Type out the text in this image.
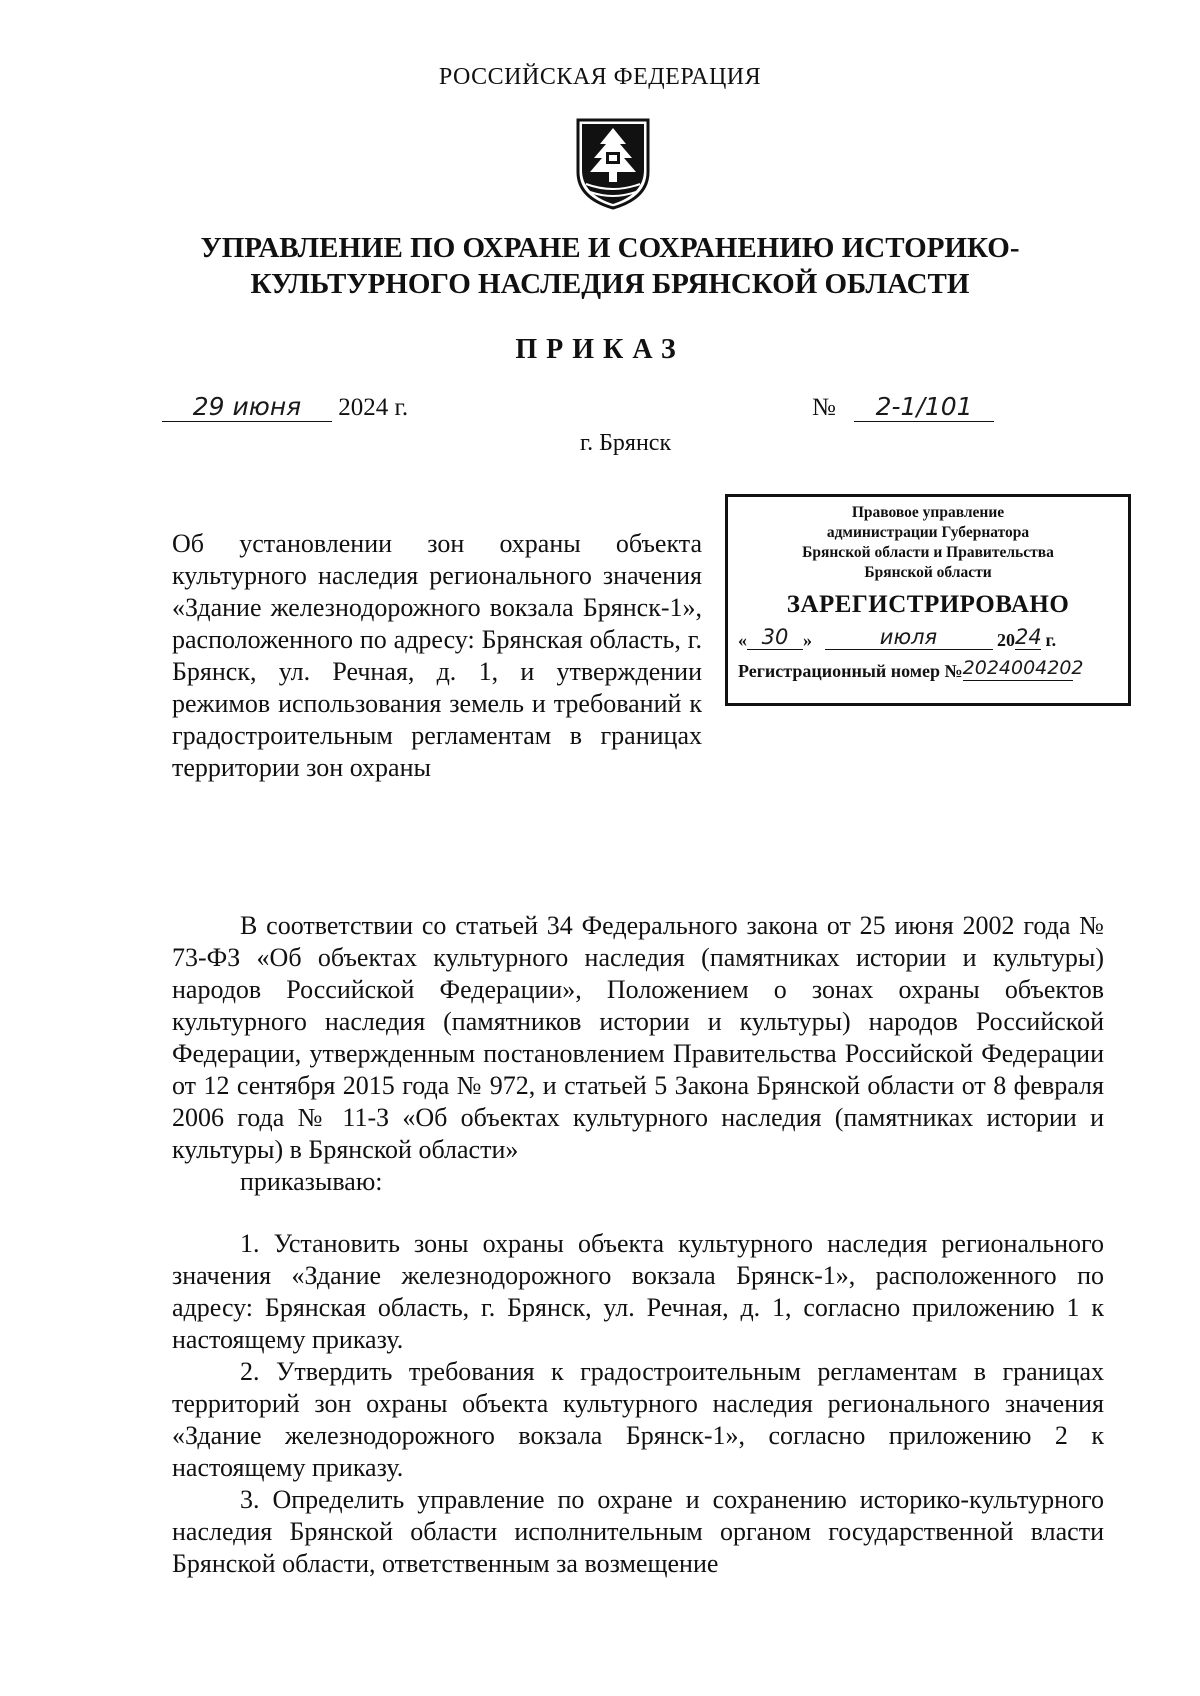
РОССИЙСКАЯ ФЕДЕРАЦИЯ
УПРАВЛЕНИЕ ПО ОХРАНЕ И СОХРАНЕНИЮ ИСТОРИКО-КУЛЬТУРНОГО НАСЛЕДИЯ БРЯНСКОЙ ОБЛАСТИ
ПРИКАЗ
29 июня 2024 г.	№ 2-1/101
г. Брянск
Правовое управление
администрации Губернатора
Брянской области и Правительства
Брянской области
ЗАРЕГИСТРИРОВАНО
« 30 »	июля	2024 г.
Регистрационный номер №2024004202
Об установлении зон охраны объекта культурного наследия регионального значения «Здание железнодорожного вокзала Брянск-1», расположенного по адресу: Брянская область, г. Брянск, ул. Речная, д. 1, и утверждении режимов использования земель и требований к градостроительным регламентам в границах территории зон охраны

В соответствии со статьей 34 Федерального закона от 25 июня 2002 года № 73-ФЗ «Об объектах культурного наследия (памятниках истории и культуры) народов Российской Федерации», Положением о зонах охраны объектов культурного наследия (памятников истории и культуры) народов Российской Федерации, утвержденным постановлением Правительства Российской Федерации от 12 сентября 2015 года № 972, и статьей 5 Закона Брянской области от 8 февраля 2006 года № 11-З «Об объектах культурного наследия (памятниках истории и культуры) в Брянской области»

приказываю:

1. Установить зоны охраны объекта культурного наследия регионального значения «Здание железнодорожного вокзала Брянск-1», расположенного по адресу: Брянская область, г. Брянск, ул. Речная, д. 1, согласно приложению 1 к настоящему приказу.

2. Утвердить требования к градостроительным регламентам в границах территорий зон охраны объекта культурного наследия регионального значения «Здание железнодорожного вокзала Брянск-1», согласно приложению 2 к настоящему приказу.

3. Определить управление по охране и сохранению историко-культурного наследия Брянской области исполнительным органом государственной власти Брянской области, ответственным за возмещение
